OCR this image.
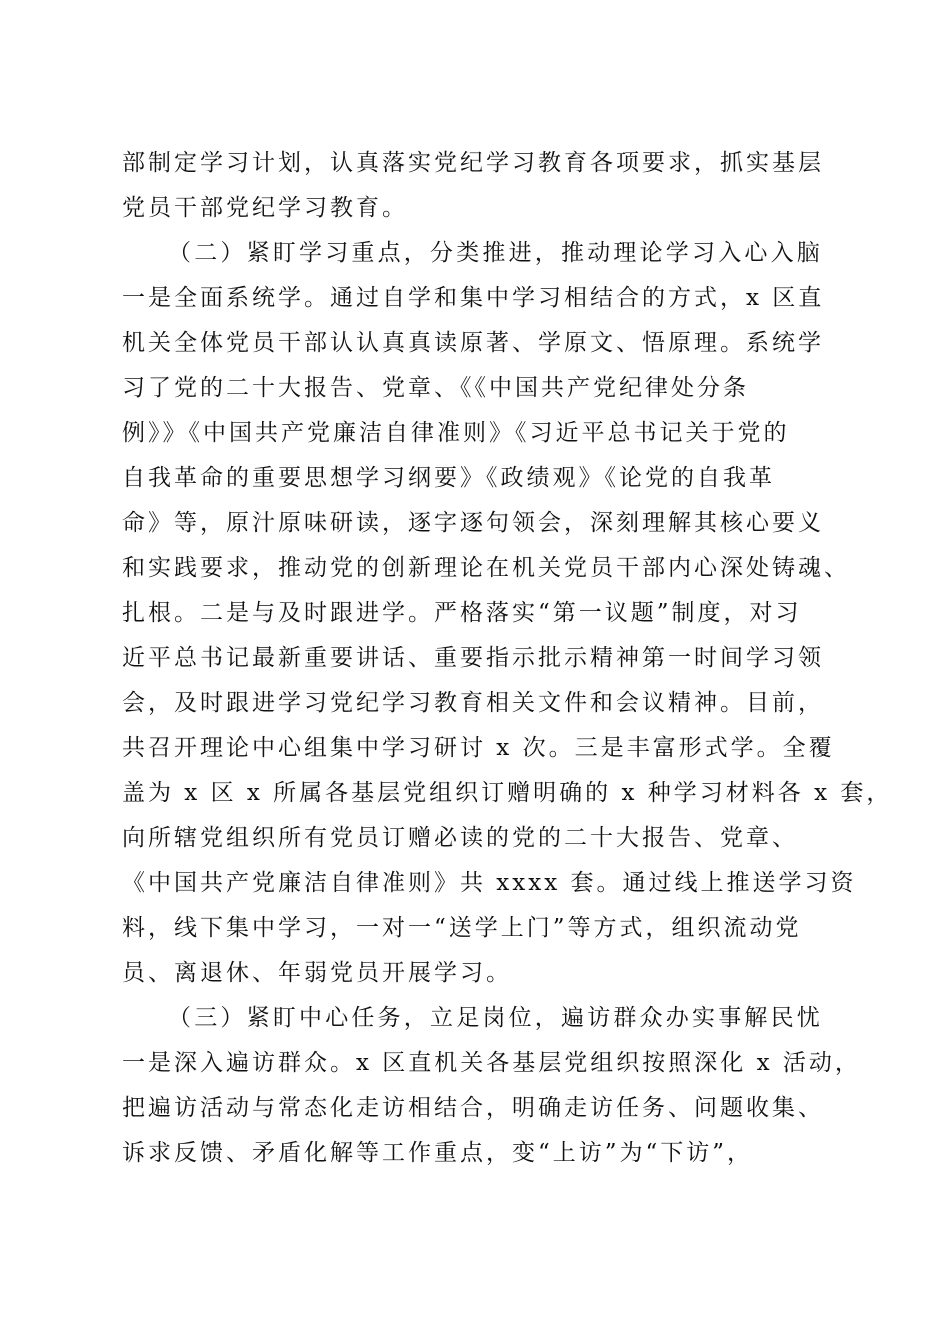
部制定学习计划，认真落实党纪学习教育各项要求，抓实基层
党员干部党纪学习教育。
（二）紧盯学习重点，分类推进，推动理论学习入心入脑
一是全面系统学。通过自学和集中学习相结合的方式，x 区直
机关全体党员干部认认真真读原著、学原文、悟原理。系统学
习了党的二十大报告、党章、《《中国共产党纪律处分条
例》》《中国共产党廉洁自律准则》《习近平总书记关于党的
自我革命的重要思想学习纲要》《政绩观》《论党的自我革
命》等，原汁原味研读，逐字逐句领会，深刻理解其核心要义
和实践要求，推动党的创新理论在机关党员干部内心深处铸魂、
扎根。二是与及时跟进学。严格落实“第一议题”制度，对习
近平总书记最新重要讲话、重要指示批示精神第一时间学习领
会，及时跟进学习党纪学习教育相关文件和会议精神。目前，
共召开理论中心组集中学习研讨 x 次。三是丰富形式学。全覆
盖为 x 区 x 所属各基层党组织订赠明确的 x 种学习材料各 x 套，
向所辖党组织所有党员订赠必读的党的二十大报告、党章、
《中国共产党廉洁自律准则》共 xxxx 套。通过线上推送学习资
料，线下集中学习，一对一“送学上门”等方式，组织流动党
员、离退休、年弱党员开展学习。
（三）紧盯中心任务，立足岗位，遍访群众办实事解民忧
一是深入遍访群众。x 区直机关各基层党组织按照深化 x 活动，
把遍访活动与常态化走访相结合，明确走访任务、问题收集、
诉求反馈、矛盾化解等工作重点，变“上访”为“下访”，
